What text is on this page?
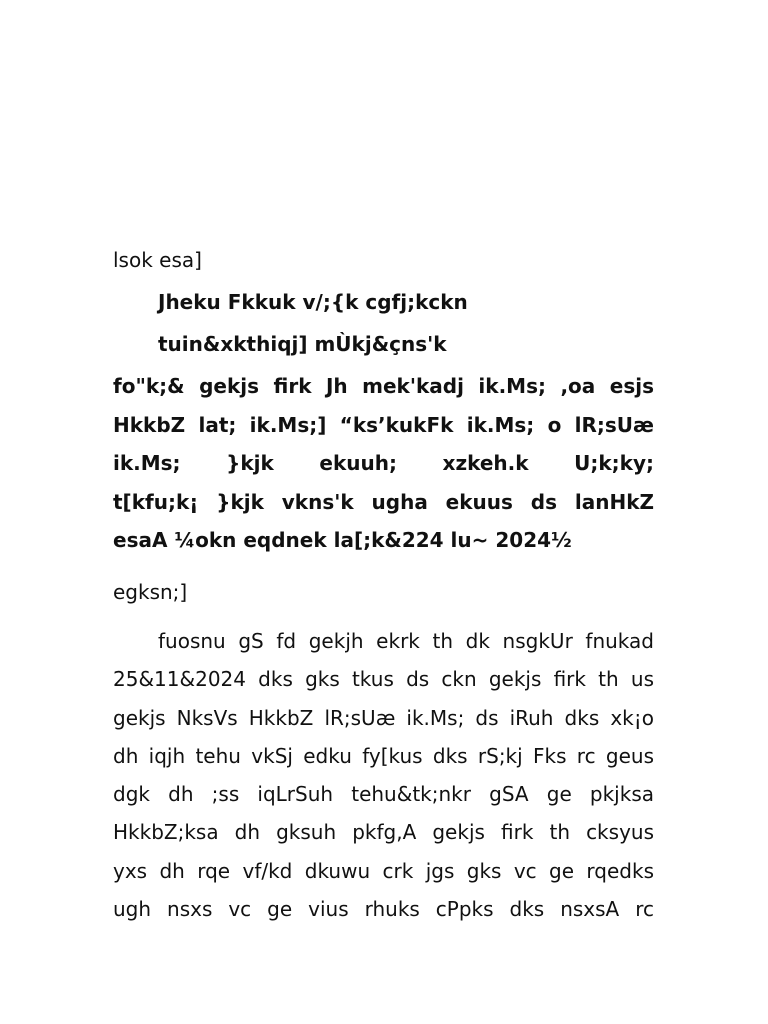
lsok esa]
Jheku Fkkuk v/;{k cgfj;kckn
tuin&xkthiqj] mÙkj&çns'k
fo"k;& gekjs firk Jh mek'kadj ik.Ms; ,oa esjs
HkkbZ lat; ik.Ms;] “ks’kukFk ik.Ms; o lR;sUæ
ik.Ms; }kjk ekuuh; xzkeh.k U;k;ky;
t[kfu;k¡ }kjk vkns'k ugha ekuus ds lanHkZ
esaA ¼okn eqdnek la[;k&224 lu~ 2024½
egksn;]
fuosnu gS fd gekjh ekrk th dk nsgkUr fnukad
25&11&2024 dks gks tkus ds ckn gekjs firk th us
gekjs NksVs HkkbZ lR;sUæ ik.Ms; ds iRuh dks xk¡o
dh iqjh tehu vkSj edku fy[kus dks rS;kj Fks rc geus
dgk dh ;ss iqLrSuh tehu&tk;nkr gSA ge pkjksa
HkkbZ;ksa dh gksuh pkfg,A gekjs firk th cksyus
yxs dh rqe vf/kd dkuwu crk jgs gks vc ge rqedks
ugh nsxs vc ge vius rhuks cPpks dks nsxsA rc
